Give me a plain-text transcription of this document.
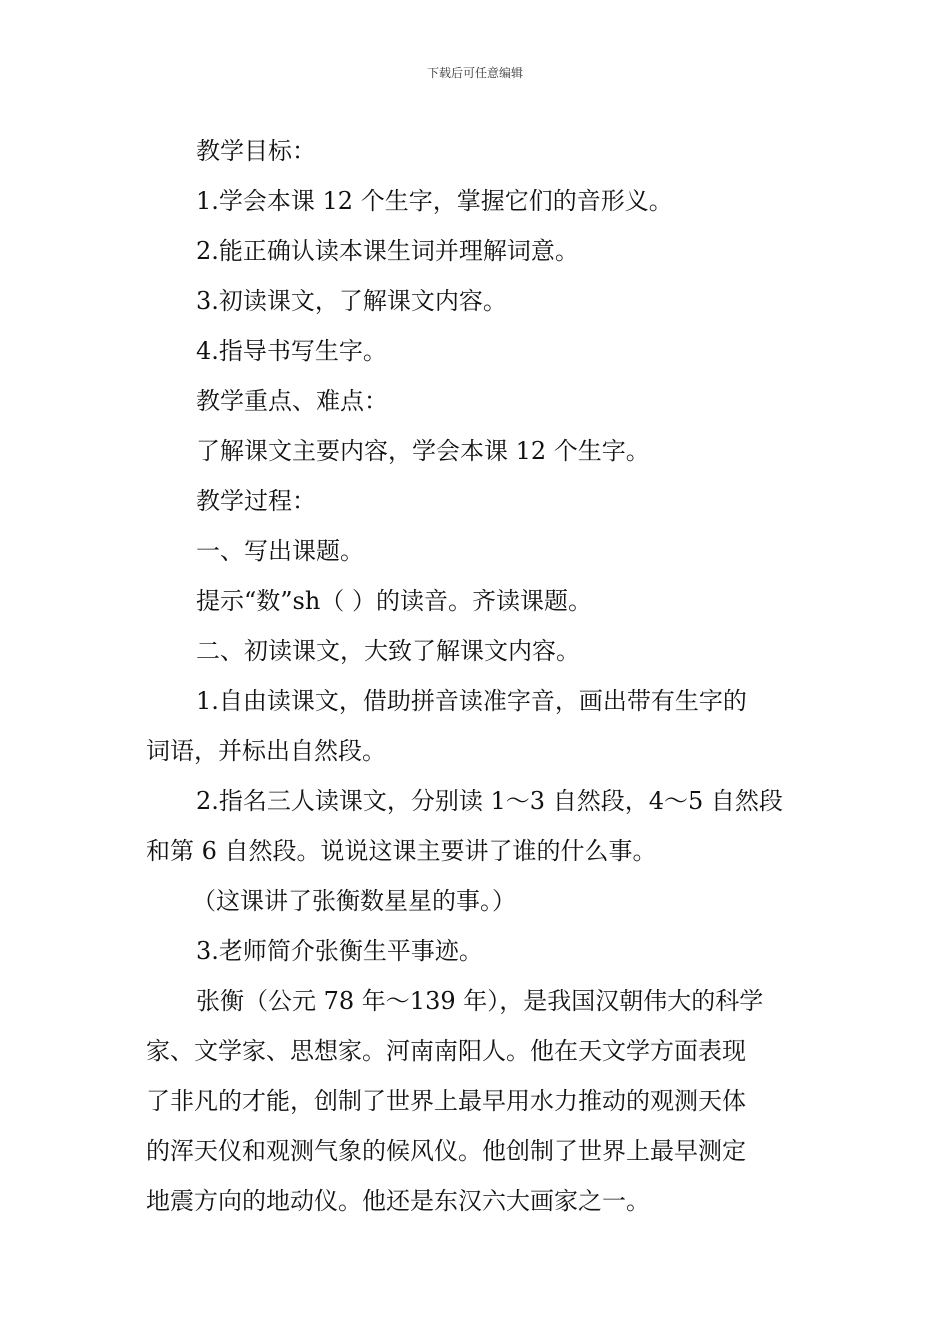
下载后可任意编辑

教学目标：

1.学会本课 12 个生字，掌握它们的音形义。

2.能正确认读本课生词并理解词意。

3.初读课文，了解课文内容。

4.指导书写生字。

教学重点、难点：

了解课文主要内容，学会本课 12 个生字。

教学过程：

一、写出课题。

提示“数”sh（ ）的读音。齐读课题。

二、初读课文，大致了解课文内容。

1.自由读课文，借助拼音读准字音，画出带有生字的

词语，并标出自然段。

2.指名三人读课文，分别读 1～3 自然段，4～5 自然段

和第 6 自然段。说说这课主要讲了谁的什么事。

（这课讲了张衡数星星的事。）

3.老师简介张衡生平事迹。

张衡（公元 78 年～139 年），是我国汉朝伟大的科学

家、文学家、思想家。河南南阳人。他在天文学方面表现

了非凡的才能，创制了世界上最早用水力推动的观测天体

的浑天仪和观测气象的候风仪。他创制了世界上最早测定

地震方向的地动仪。他还是东汉六大画家之一。
